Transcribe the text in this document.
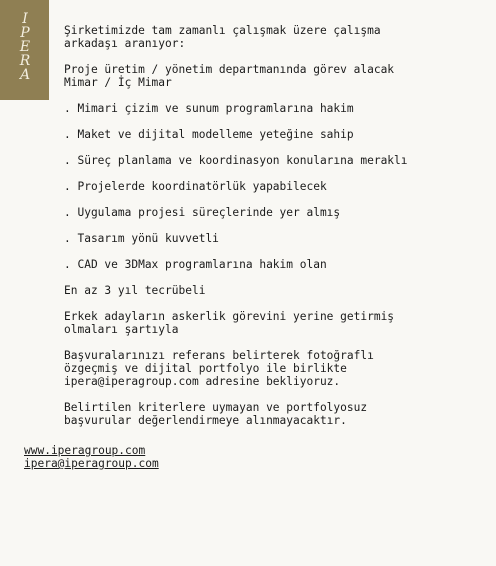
I
P
E
R
A
Şirketimizde tam zamanlı çalışmak üzere çalışma
arkadaşı aranıyor:
Proje üretim / yönetim departmanında görev alacak
Mimar / İç Mimar
. Mimari çizim ve sunum programlarına hakim
. Maket ve dijital modelleme yeteğine sahip
. Süreç planlama ve koordinasyon konularına meraklı
. Projelerde koordinatörlük yapabilecek
. Uygulama projesi süreçlerinde yer almış
. Tasarım yönü kuvvetli
. CAD ve 3DMax programlarına hakim olan
En az 3 yıl tecrübeli
Erkek adayların askerlik görevini yerine getirmiş
olmaları şartıyla
Başvuralarınızı referans belirterek fotoğraflı
özgeçmiş ve dijital portfolyo ile birlikte
ipera@iperagroup.com adresine bekliyoruz.
Belirtilen kriterlere uymayan ve portfolyosuz
başvurular değerlendirmeye alınmayacaktır.
www.iperagroup.com
ipera@iperagroup.com
